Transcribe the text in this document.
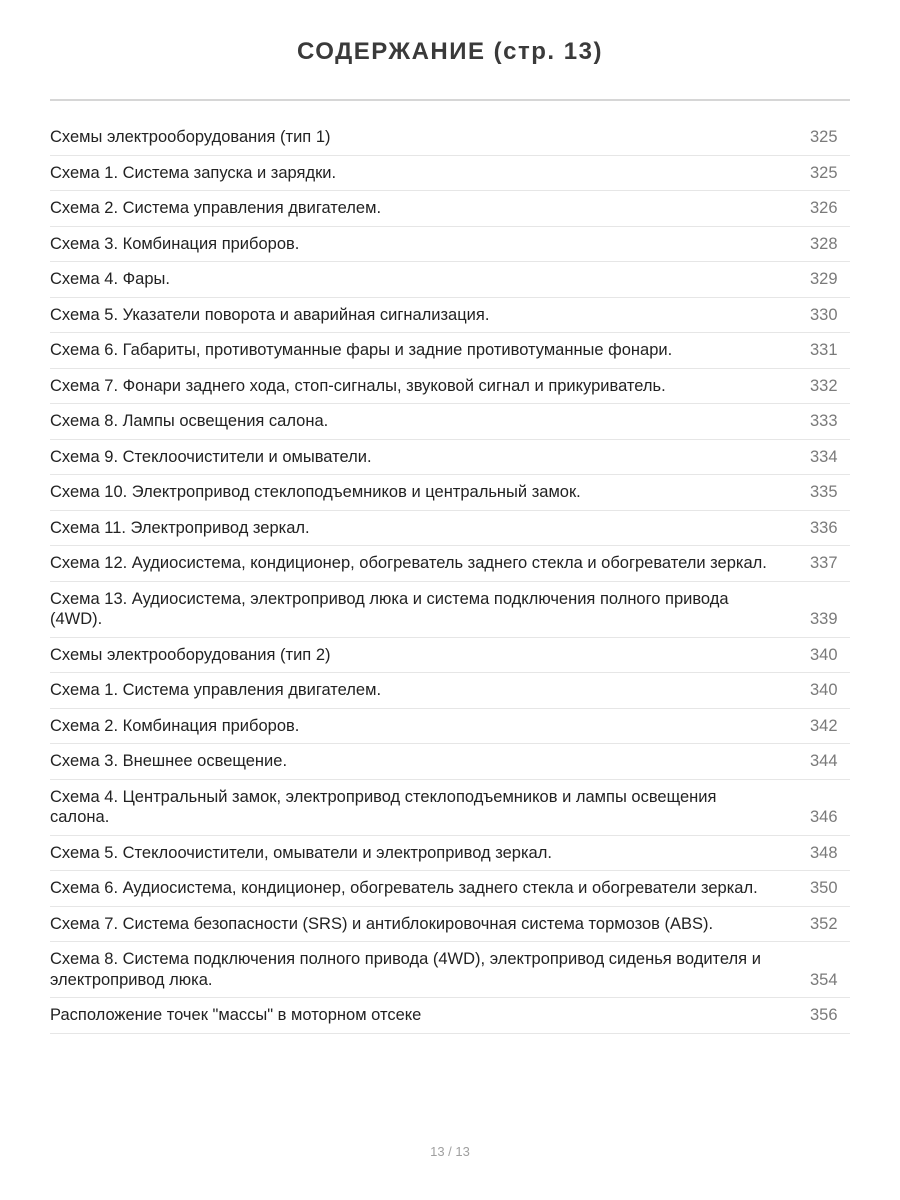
СОДЕРЖАНИЕ (стр. 13)
Схемы электрооборудования (тип 1)	325
Схема 1. Система запуска и зарядки.	325
Схема 2. Система управления двигателем.	326
Схема 3. Комбинация приборов.	328
Схема 4. Фары.	329
Схема 5. Указатели поворота и аварийная сигнализация.	330
Схема 6. Габариты, противотуманные фары и задние противотуманные фонари.	331
Схема 7. Фонари заднего хода, стоп-сигналы, звуковой сигнал и прикуриватель.	332
Схема 8. Лампы освещения салона.	333
Схема 9. Стеклоочистители и омыватели.	334
Схема 10. Электропривод стеклоподъемников и центральный замок.	335
Схема 11. Электропривод зеркал.	336
Схема 12. Аудиосистема, кондиционер, обогреватель заднего стекла и обогреватели зеркал.	337
Схема 13. Аудиосистема, электропривод люка и система подключения полного привода (4WD).	339
Схемы электрооборудования (тип 2)	340
Схема 1. Система управления двигателем.	340
Схема 2. Комбинация приборов.	342
Схема 3. Внешнее освещение.	344
Схема 4. Центральный замок, электропривод стеклоподъемников и лампы освещения салона.	346
Схема 5. Стеклоочистители, омыватели и электропривод зеркал.	348
Схема 6. Аудиосистема, кондиционер, обогреватель заднего стекла и обогреватели зеркал.	350
Схема 7. Система безопасности (SRS) и антиблокировочная система тормозов (ABS).	352
Схема 8. Система подключения полного привода (4WD), электропривод сиденья водителя и электропривод люка.	354
Расположение точек "массы" в моторном отсеке	356
13 / 13
